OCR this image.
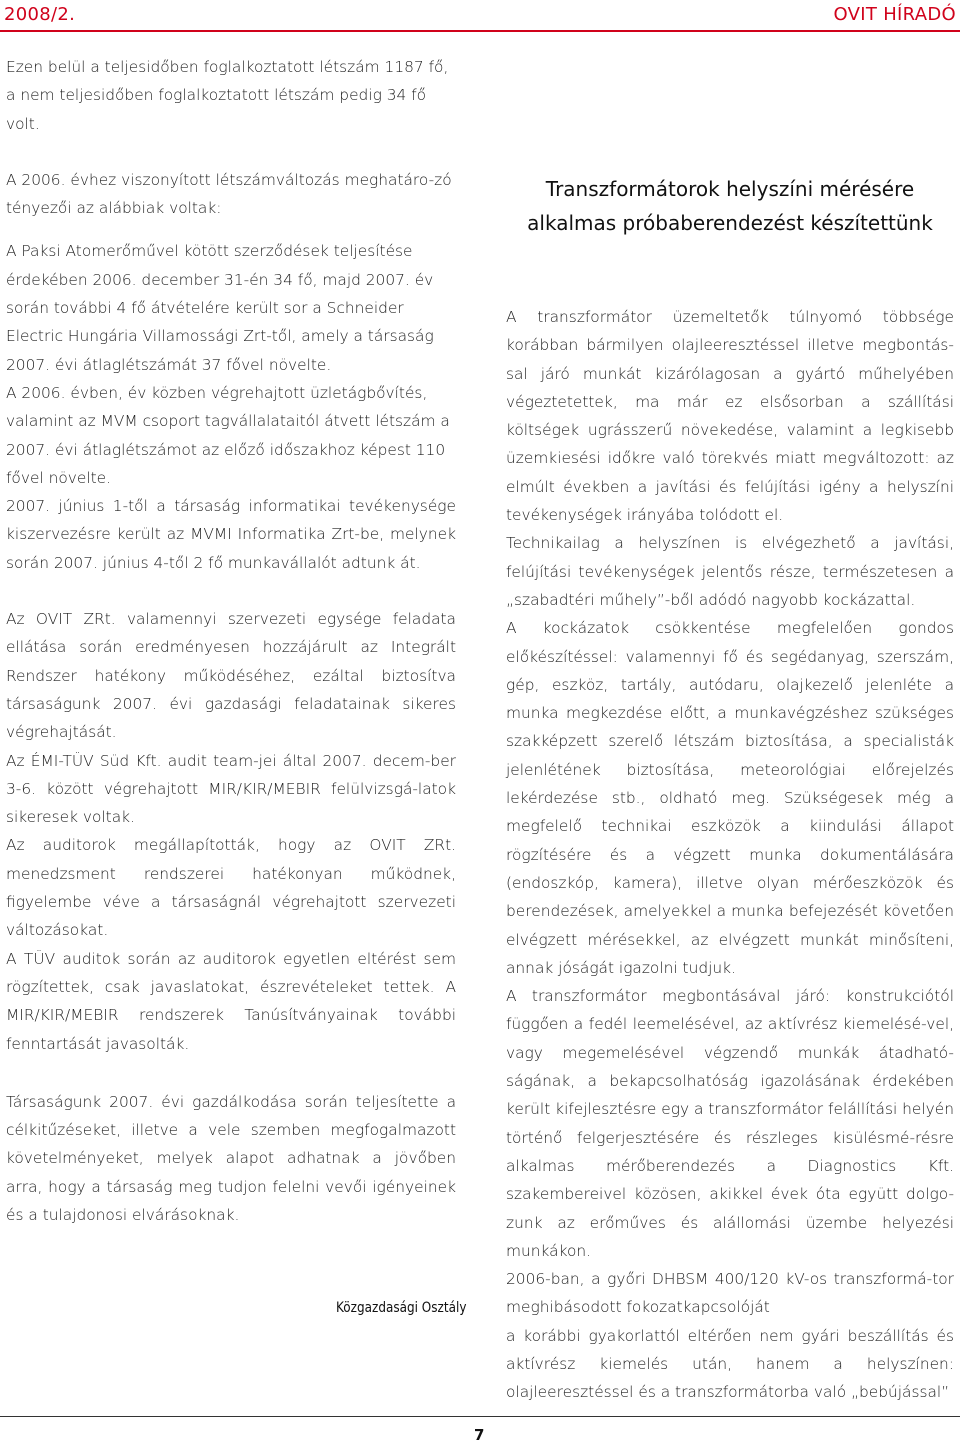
2008/2.	OVIT HÍRADÓ

Ezen belül a teljesidőben foglalkoztatott létszám 1187 fő, a nem teljesidőben foglalkoztatott létszám pedig 34 fő volt.

A 2006. évhez viszonyított létszámváltozás meghatáro-zó tényezői az alábbiak voltak:

A Paksi Atomerőművel kötött szerződések teljesítése érdekében 2006. december 31-én 34 fő, majd 2007. év során további 4 fő átvételére került sor a Schneider Electric Hungária Villamossági Zrt-től, amely a társaság 2007. évi átlaglétszámát 37 fővel növelte.

A 2006. évben, év közben végrehajtott üzletágbővítés, valamint az MVM csoport tagvállalataitól átvett létszám a 2007. évi átlaglétszámot az előző időszakhoz képest 110 fővel növelte.

2007. június 1-től a társaság informatikai tevékenysége kiszervezésre került az MVMI Informatika Zrt-be, melynek során 2007. június 4-től 2 fő munkavállalót adtunk át.

Az OVIT ZRt. valamennyi szervezeti egysége feladata ellátása során eredményesen hozzájárult az Integrált Rendszer hatékony működéséhez, ezáltal biztosítva társaságunk 2007. évi gazdasági feladatainak sikeres végrehajtását.

Az ÉMI-TÜV Süd Kft. audit team-jei által 2007. decem-ber 3-6. között végrehajtott MIR/KIR/MEBIR felülvizsgá-latok sikeresek voltak.

Az auditorok megállapították, hogy az OVIT ZRt. menedzsment rendszerei hatékonyan működnek, figyelembe véve a társaságnál végrehajtott szervezeti változásokat.

A TÜV auditok során az auditorok egyetlen eltérést sem rögzítettek, csak javaslatokat, észrevételeket tettek. A MIR/KIR/MEBIR rendszerek Tanúsítványainak további fenntartását javasolták.

Társaságunk 2007. évi gazdálkodása során teljesítette a célkitűzéseket, illetve a vele szemben megfogalmazott követelményeket, melyek alapot adhatnak a jövőben arra, hogy a társaság meg tudjon felelni vevői igényeinek és a tulajdonosi elvárásoknak.

Közgazdasági Osztály
Transzformátorok helyszíni mérésére
alkalmas próbaberendezést készítettünk

A transzformátor üzemeltetők túlnyomó többsége korábban bármilyen olajleeresztéssel illetve megbontás-sal járó munkát kizárólagosan a gyártó műhelyében végeztetettek, ma már ez elsősorban a szállítási költségek ugrásszerű növekedése, valamint a legkisebb üzemkiesési időkre való törekvés miatt megváltozott: az elmúlt években a javítási és felújítási igény a helyszíni tevékenységek irányába tolódott el.

Technikailag a helyszínen is elvégezhető a javítási, felújítási tevékenységek jelentős része, természetesen a „szabadtéri műhely”-ből adódó nagyobb kockázattal.

A kockázatok csökkentése megfelelően gondos előkészítéssel: valamennyi fő és segédanyag, szerszám, gép, eszköz, tartály, autódaru, olajkezelő jelenléte a munka megkezdése előtt, a munkavégzéshez szükséges szakképzett szerelő létszám biztosítása, a specialisták jelenlétének biztosítása, meteorológiai előrejelzés lekérdezése stb., oldható meg. Szükségesek még a megfelelő technikai eszközök a kiindulási állapot rögzítésére és a végzett munka dokumentálására (endoszkóp, kamera), illetve olyan mérőeszközök és berendezések, amelyekkel a munka befejezését követően elvégzett mérésekkel, az elvégzett munkát minősíteni, annak jóságát igazolni tudjuk.

A transzformátor megbontásával járó: konstrukciótól függően a fedél leemelésével, az aktívrész kiemelésé-vel, vagy megemelésével végzendő munkák átadható-ságának, a bekapcsolhatóság igazolásának érdekében került kifejlesztésre egy a transzformátor felállítási helyén történő felgerjesztésére és részleges kisülésmé-résre alkalmas mérőberendezés a Diagnostics Kft. szakembereivel közösen, akikkel évek óta együtt dolgo-zunk az erőműves és alállomási üzembe helyezési munkákon.

2006-ban, a győri DHBSM 400/120 kV-os transzformá-tor meghibásodott fokozatkapcsolóját

a korábbi gyakorlattól eltérően nem gyári beszállítás és aktívrész kiemelés után, hanem a helyszínen: olajleeresztéssel és a transzformátorba való „bebújással”

7
